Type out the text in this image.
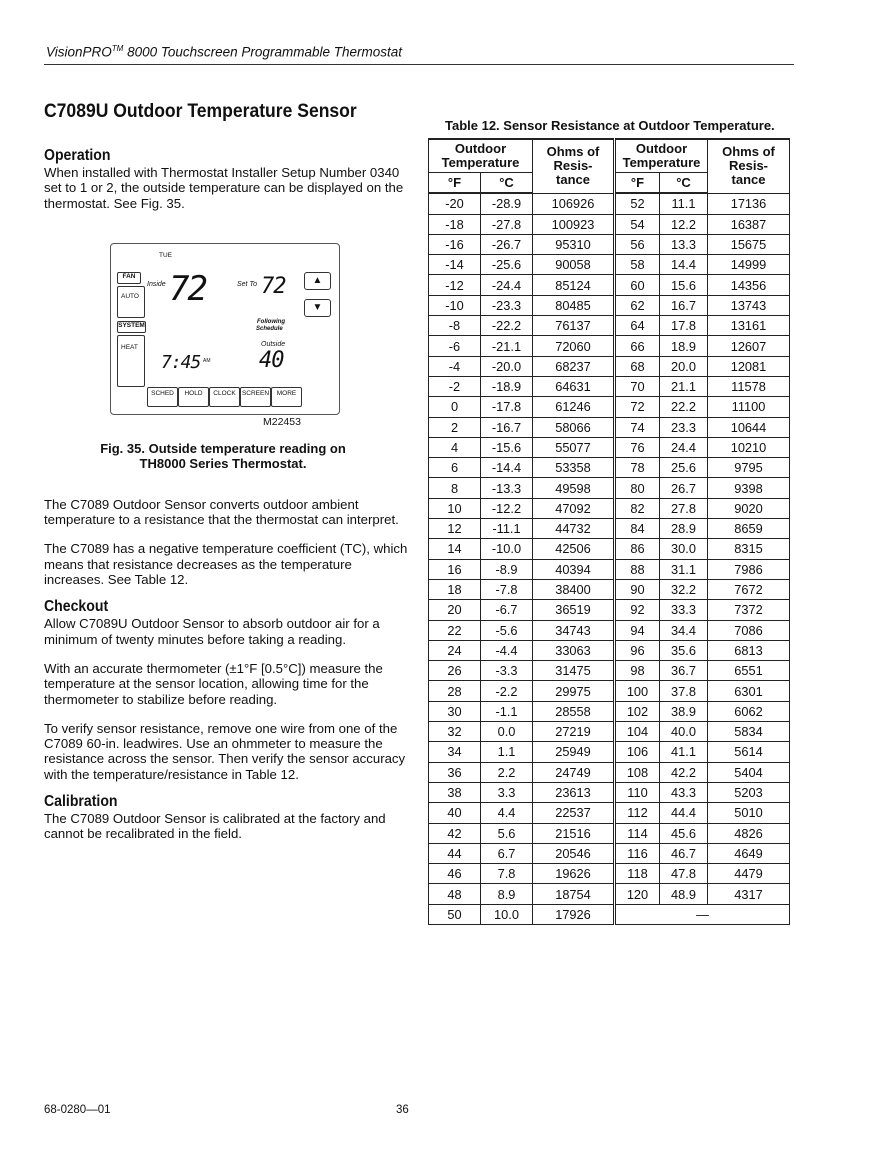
VisionPRO™ 8000 Touchscreen Programmable Thermostat
C7089U Outdoor Temperature Sensor
Operation

When installed with Thermostat Installer Setup Number 0340 set to 1 or 2, the outside temperature can be displayed on the thermostat. See Fig. 35.

TUE
FAN
AUTO
SYSTEM
HEAT
Inside 72	Set To 72	▲
▼
Following
Schedule
Outside
40
7:45 AM
SCHED	HOLD	CLOCK SCREEN	MORE
Fig. 35. Outside temperature reading on
TH8000 Series Thermostat.

The C7089 Outdoor Sensor converts outdoor ambient temperature to a resistance that the thermostat can interpret.

The C7089 has a negative temperature coefficient (TC), which means that resistance decreases as the temperature increases. See Table 12.

Checkout

Allow C7089U Outdoor Sensor to absorb outdoor air for a minimum of twenty minutes before taking a reading.

With an accurate thermometer (±1°F [0.5°C]) measure the temperature at the sensor location, allowing time for the thermometer to stabilize before reading.

To verify sensor resistance, remove one wire from one of the C7089 60-in. leadwires. Use an ohmmeter to measure the resistance across the sensor. Then verify the sensor accuracy with the temperature/resistance in Table 12.

Calibration

The C7089 Outdoor Sensor is calibrated at the factory and cannot be recalibrated in the field.

M22453
Table 12. Sensor Resistance at Outdoor Temperature.
Outdoor
Temperature		Ohms of
Resis-
tance	Outdoor
Temperature		Ohms of
Resis-
tance
°F	°C		°F	°C	
-20	-28.9	106926	52	11.1	17136
-18	-27.8	100923	54	12.2	16387
-16	-26.7	95310	56	13.3	15675
-14	-25.6	90058	58	14.4	14999
-12	-24.4	85124	60	15.6	14356
-10	-23.3	80485	62	16.7	13743
-8	-22.2	76137	64	17.8	13161
-6	-21.1	72060	66	18.9	12607
-4	-20.0	68237	68	20.0	12081
-2	-18.9	64631	70	21.1	11578
0	-17.8	61246	72	22.2	11100
2	-16.7	58066	74	23.3	10644
4	-15.6	55077	76	24.4	10210
6	-14.4	53358	78	25.6	9795
8	-13.3	49598	80	26.7	9398
10	-12.2	47092	82	27.8	9020
12	-11.1	44732	84	28.9	8659
14	-10.0	42506	86	30.0	8315
16	-8.9	40394	88	31.1	7986
18	-7.8	38400	90	32.2	7672
20	-6.7	36519	92	33.3	7372
22	-5.6	34743	94	34.4	7086
24	-4.4	33063	96	35.6	6813
26	-3.3	31475	98	36.7	6551
28	-2.2	29975	100	37.8	6301
30	-1.1	28558	102	38.9	6062
32	0.0	27219	104	40.0	5834
34	1.1	25949	106	41.1	5614
36	2.2	24749	108	42.2	5404
38	3.3	23613	110	43.3	5203
40	4.4	22537	112	44.4	5010
42	5.6	21516	114	45.6	4826
44	6.7	20546	116	46.7	4649
46	7.8	19626	118	47.8	4479
48	8.9	18754	120	48.9	4317
50	10.0	17926	—		
68-0280—01	36
